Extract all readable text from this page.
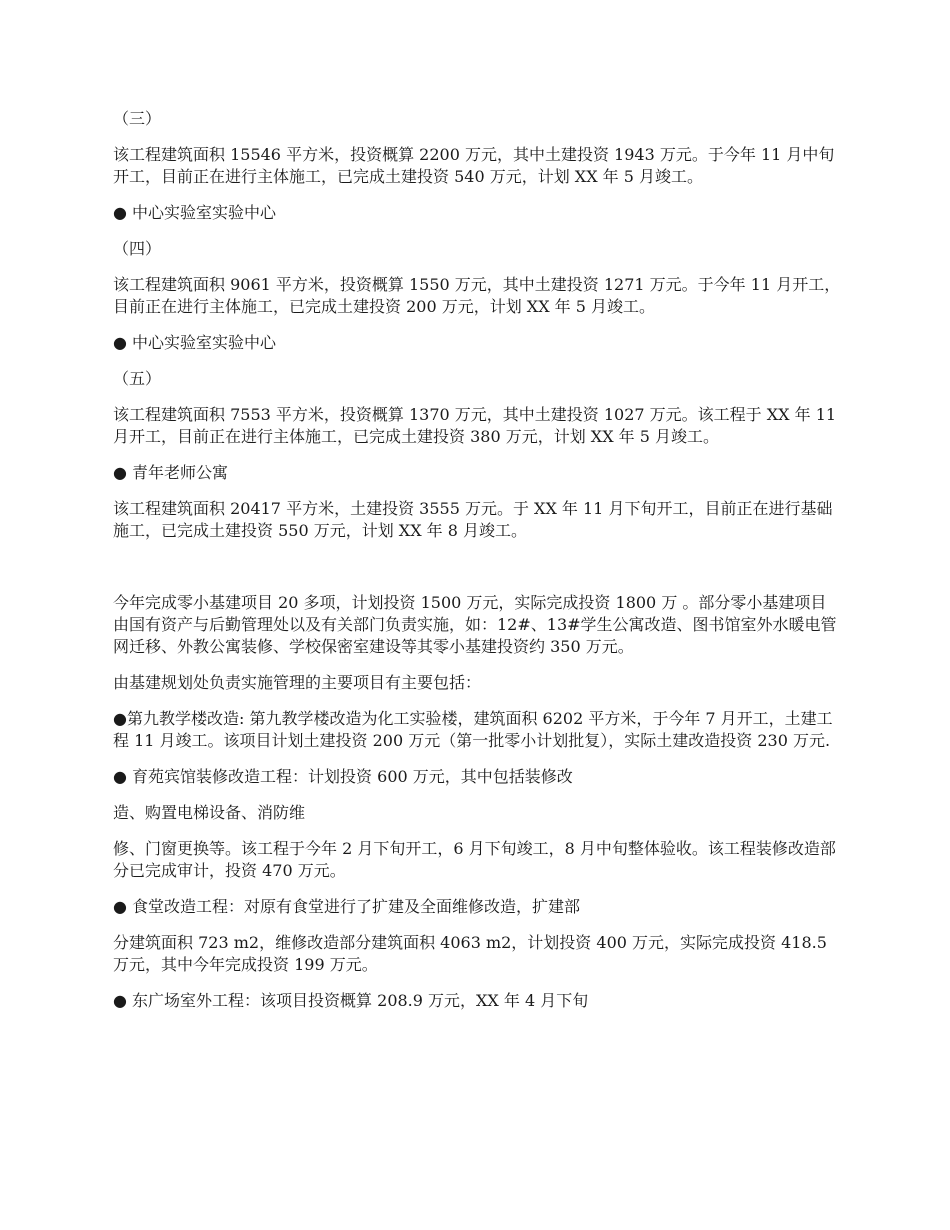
（三）

该工程建筑面积 15546 平方米，投资概算 2200 万元，其中土建投资 1943 万元。于今年 11 月中旬开工，目前正在进行主体施工，已完成土建投资 540 万元，计划 XX 年 5 月竣工。

● 中心实验室实验中心

（四）

该工程建筑面积 9061 平方米，投资概算 1550 万元，其中土建投资 1271 万元。于今年 11 月开工，目前正在进行主体施工，已完成土建投资 200 万元，计划 XX 年 5 月竣工。

● 中心实验室实验中心

（五）

该工程建筑面积 7553 平方米，投资概算 1370 万元，其中土建投资 1027 万元。该工程于 XX 年 11 月开工，目前正在进行主体施工，已完成土建投资 380 万元，计划 XX 年 5 月竣工。

● 青年老师公寓

该工程建筑面积 20417 平方米，土建投资 3555 万元。于 XX 年 11 月下旬开工，目前正在进行基础施工，已完成土建投资 550 万元，计划 XX 年 8 月竣工。

今年完成零小基建项目 20 多项，计划投资 1500 万元，实际完成投资 1800 万 。部分零小基建项目由国有资产与后勤管理处以及有关部门负责实施，如：12#、13#学生公寓改造、图书馆室外水暖电管网迁移、外教公寓装修、学校保密室建设等其零小基建投资约 350 万元。

由基建规划处负责实施管理的主要项目有主要包括：

●第九教学楼改造: 第九教学楼改造为化工实验楼，建筑面积 6202 平方米，于今年 7 月开工，土建工程 11 月竣工。该项目计划土建投资 200 万元（第一批零小计划批复），实际土建改造投资 230 万元.

● 育苑宾馆装修改造工程：计划投资 600 万元，其中包括装修改

造、购置电梯设备、消防维

修、门窗更换等。该工程于今年 2 月下旬开工，6 月下旬竣工，8 月中旬整体验收。该工程装修改造部分已完成审计，投资 470 万元。

● 食堂改造工程：对原有食堂进行了扩建及全面维修改造，扩建部

分建筑面积 723 m2，维修改造部分建筑面积 4063 m2，计划投资 400 万元，实际完成投资 418.5 万元，其中今年完成投资 199 万元。

● 东广场室外工程：该项目投资概算 208.9 万元，XX 年 4 月下旬
